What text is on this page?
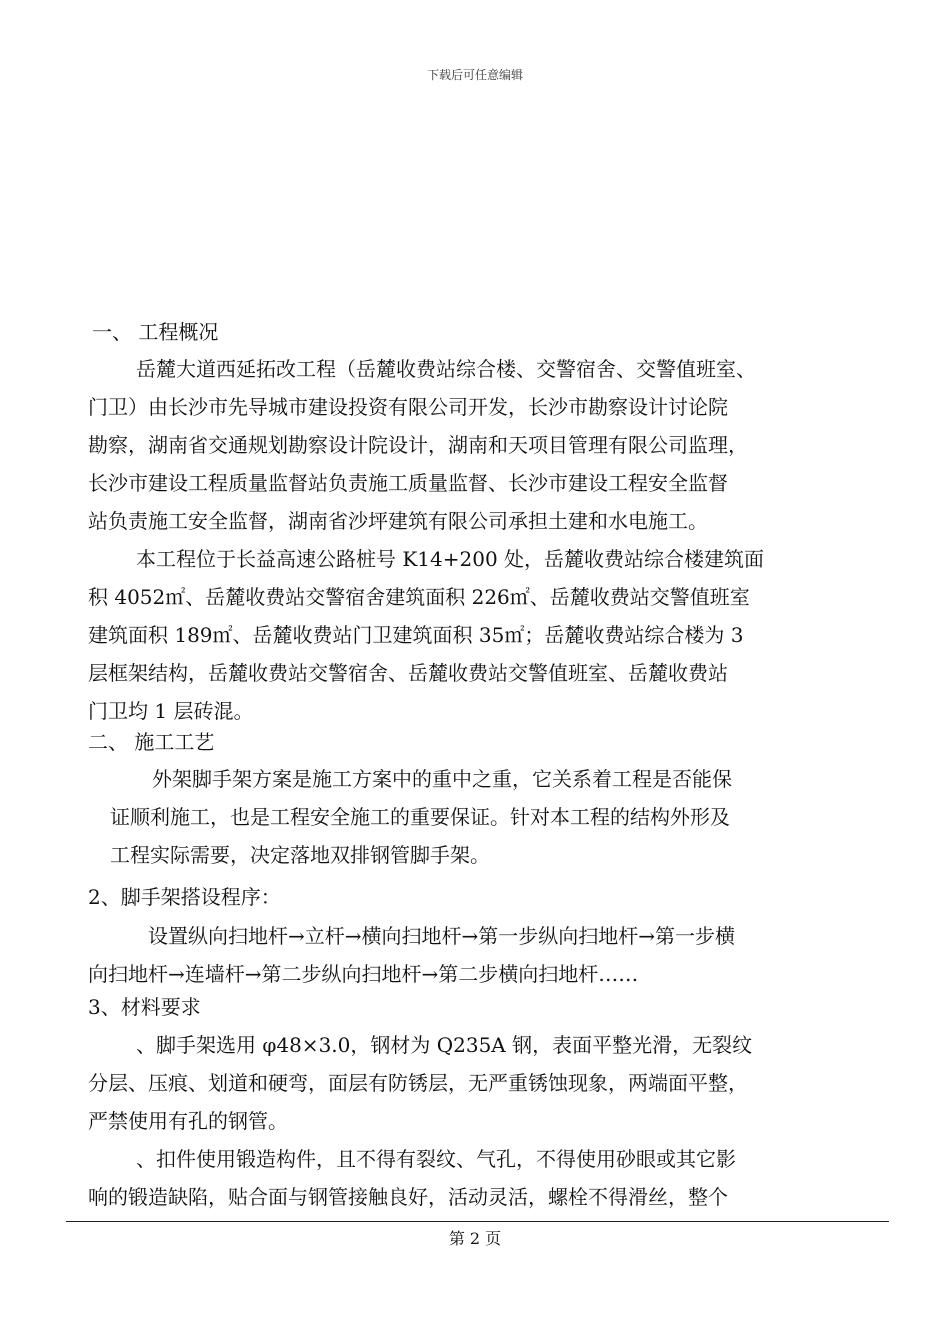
下载后可任意编辑
一、 工程概况
岳麓大道西延拓改工程（岳麓收费站综合楼、交警宿舍、交警值班室、
门卫）由长沙市先导城市建设投资有限公司开发，长沙市勘察设计讨论院
勘察，湖南省交通规划勘察设计院设计，湖南和天项目管理有限公司监理，
长沙市建设工程质量监督站负责施工质量监督、长沙市建设工程安全监督
站负责施工安全监督，湖南省沙坪建筑有限公司承担土建和水电施工。
本工程位于长益高速公路桩号 K14+200 处，岳麓收费站综合楼建筑面
积 4052㎡、岳麓收费站交警宿舍建筑面积 226㎡、岳麓收费站交警值班室
建筑面积 189㎡、岳麓收费站门卫建筑面积 35㎡；岳麓收费站综合楼为 3
层框架结构，岳麓收费站交警宿舍、岳麓收费站交警值班室、岳麓收费站
门卫均 1 层砖混。
二、 施工工艺
外架脚手架方案是施工方案中的重中之重，它关系着工程是否能保
证顺利施工，也是工程安全施工的重要保证。针对本工程的结构外形及
工程实际需要，决定落地双排钢管脚手架。
2、脚手架搭设程序：
设置纵向扫地杆→立杆→横向扫地杆→第一步纵向扫地杆→第一步横
向扫地杆→连墙杆→第二步纵向扫地杆→第二步横向扫地杆……
3、材料要求
、脚手架选用 φ48×3.0，钢材为 Q235A 钢，表面平整光滑，无裂纹
分层、压痕、划道和硬弯，面层有防锈层，无严重锈蚀现象，两端面平整，
严禁使用有孔的钢管。
、扣件使用锻造构件，且不得有裂纹、气孔，不得使用砂眼或其它影
响的锻造缺陷，贴合面与钢管接触良好，活动灵活，螺栓不得滑丝，整个
第 2 页
